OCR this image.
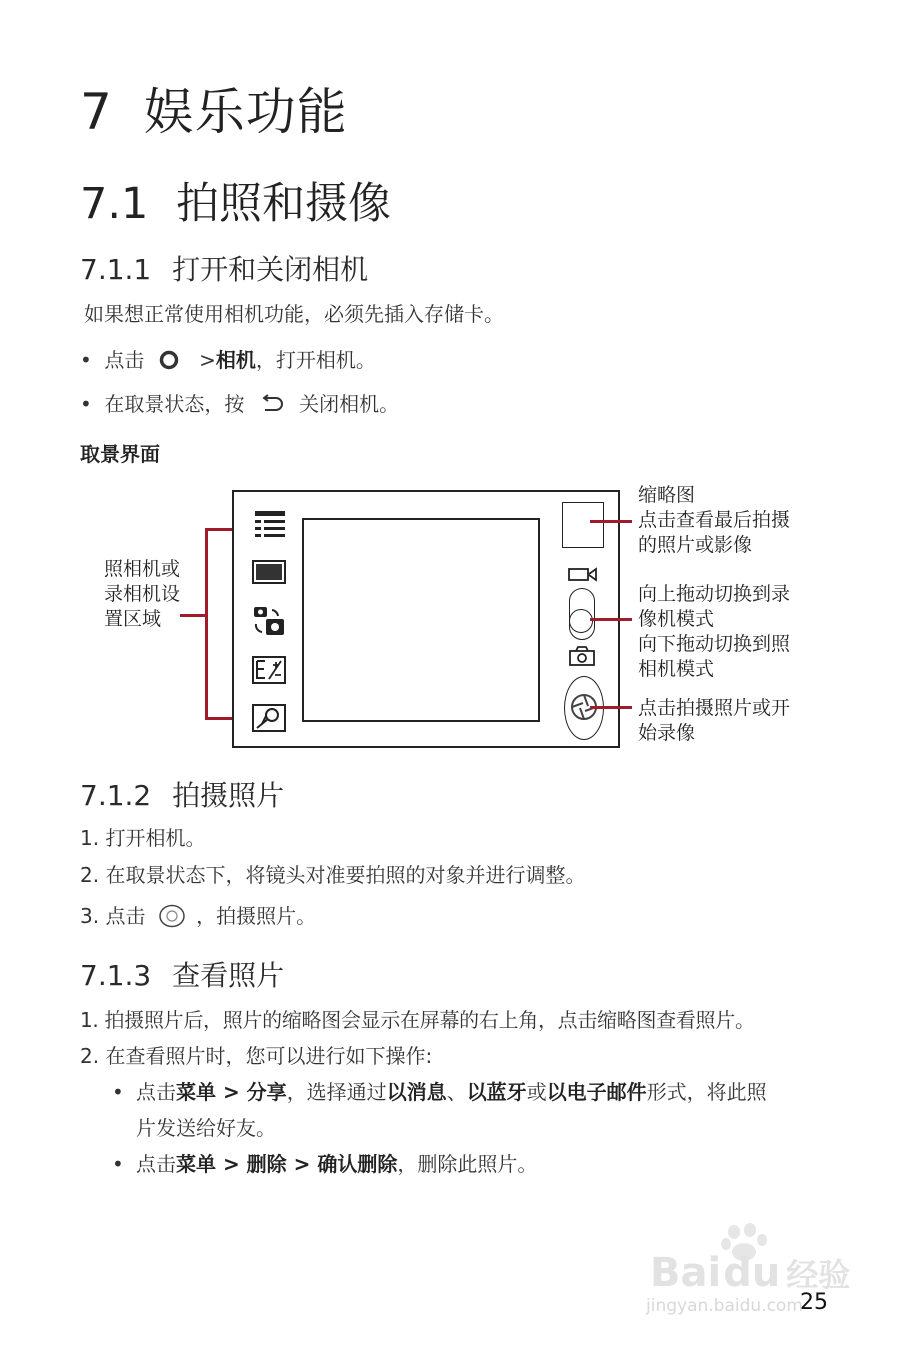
7 娱乐功能
7.1 拍照和摄像
7.1.1 打开和关闭相机
如果想正常使用相机功能，必须先插入存储卡。
• 点击	>相机，打开相机。
• 在取景状态，按	关闭相机。
取景界面
照相机或
录相机设
置区域
缩略图
点击查看最后拍摄
的照片或影像
向上拖动切换到录
像机模式
向下拖动切换到照
相机模式
点击拍摄照片或开
始录像
7.1.2 拍摄照片
1. 打开相机。
2. 在取景状态下，将镜头对准要拍照的对象并进行调整。
3. 点击	，拍摄照片。
7.1.3 查看照片
1. 拍摄照片后，照片的缩略图会显示在屏幕的右上角，点击缩略图查看照片。
2. 在查看照片时，您可以进行如下操作:
• 点击菜单 > 分享，选择通过以消息、以蓝牙或以电子邮件形式，将此照
片发送给好友。
• 点击菜单 > 删除 > 确认删除，删除此照片。
Baidu 经验
jingyan.baidu.com
25
